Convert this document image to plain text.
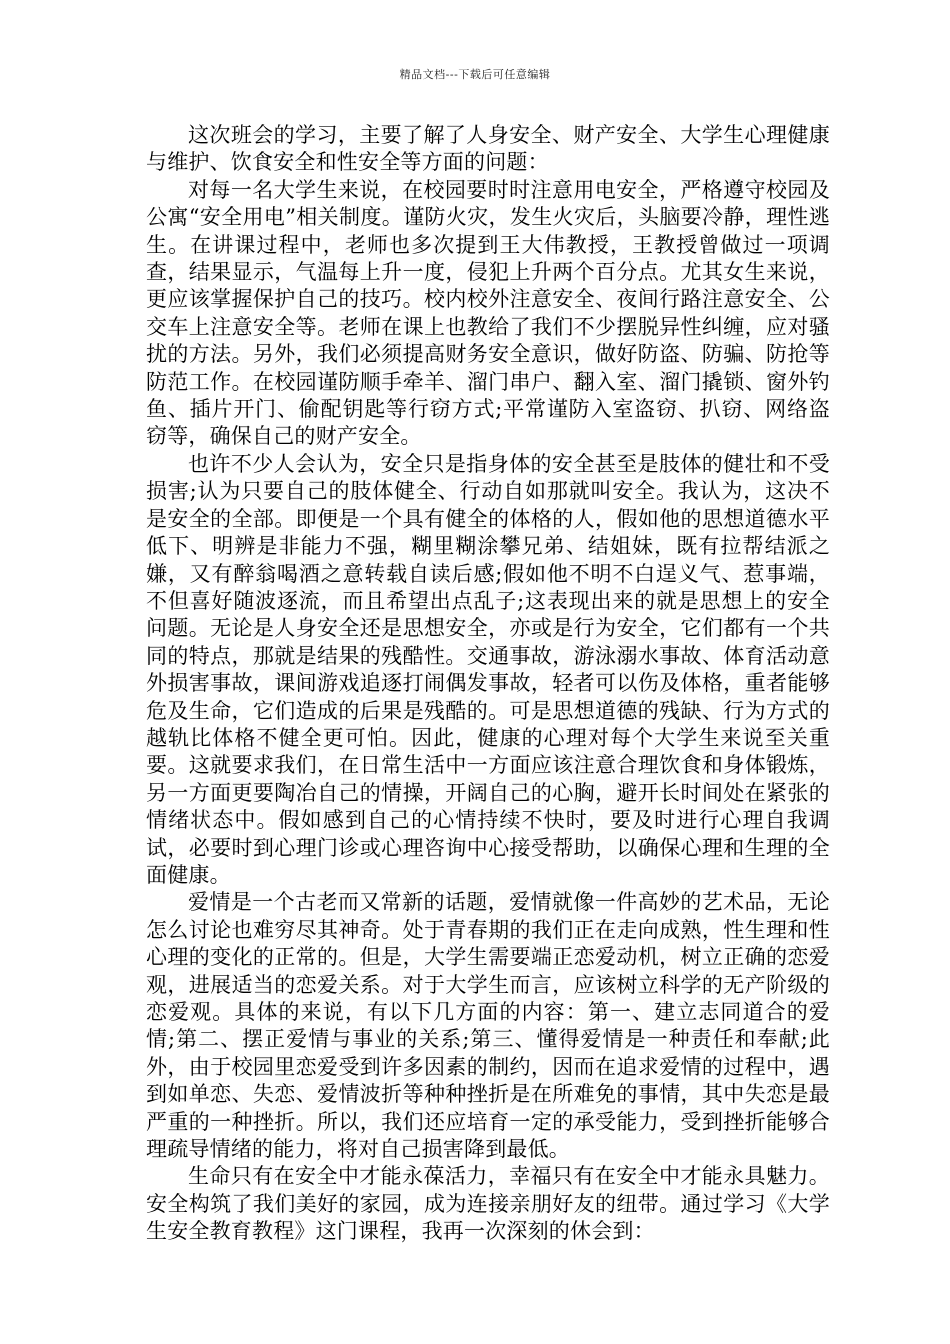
精品文档---下载后可任意编辑

这次班会的学习，主要了解了人身安全、财产安全、大学生心理健康与维护、饮食安全和性安全等方面的问题：

对每一名大学生来说，在校园要时时注意用电安全，严格遵守校园及公寓“安全用电”相关制度。谨防火灾，发生火灾后，头脑要冷静，理性逃生。在讲课过程中，老师也多次提到王大伟教授，王教授曾做过一项调查，结果显示，气温每上升一度，侵犯上升两个百分点。尤其女生来说，更应该掌握保护自己的技巧。校内校外注意安全、夜间行路注意安全、公交车上注意安全等。老师在课上也教给了我们不少摆脱异性纠缠，应对骚扰的方法。另外，我们必须提高财务安全意识，做好防盗、防骗、防抢等防范工作。在校园谨防顺手牵羊、溜门串户、翻入室、溜门撬锁、窗外钓鱼、插片开门、偷配钥匙等行窃方式;平常谨防入室盗窃、扒窃、网络盗窃等，确保自己的财产安全。

也许不少人会认为，安全只是指身体的安全甚至是肢体的健壮和不受损害;认为只要自己的肢体健全、行动自如那就叫安全。我认为，这决不是安全的全部。即便是一个具有健全的体格的人，假如他的思想道德水平低下、明辨是非能力不强，糊里糊涂攀兄弟、结姐妹，既有拉帮结派之嫌，又有醉翁喝酒之意转载自读后感;假如他不明不白逞义气、惹事端，不但喜好随波逐流，而且希望出点乱子;这表现出来的就是思想上的安全问题。无论是人身安全还是思想安全，亦或是行为安全，它们都有一个共同的特点，那就是结果的残酷性。交通事故，游泳溺水事故、体育活动意外损害事故，课间游戏追逐打闹偶发事故，轻者可以伤及体格，重者能够危及生命，它们造成的后果是残酷的。可是思想道德的残缺、行为方式的越轨比体格不健全更可怕。因此，健康的心理对每个大学生来说至关重要。这就要求我们，在日常生活中一方面应该注意合理饮食和身体锻炼，另一方面更要陶冶自己的情操，开阔自己的心胸，避开长时间处在紧张的情绪状态中。假如感到自己的心情持续不快时，要及时进行心理自我调试，必要时到心理门诊或心理咨询中心接受帮助，以确保心理和生理的全面健康。

爱情是一个古老而又常新的话题，爱情就像一件高妙的艺术品，无论怎么讨论也难穷尽其神奇。处于青春期的我们正在走向成熟，性生理和性心理的变化的正常的。但是，大学生需要端正恋爱动机，树立正确的恋爱观，进展适当的恋爱关系。对于大学生而言，应该树立科学的无产阶级的恋爱观。具体的来说，有以下几方面的内容：第一、建立志同道合的爱情;第二、摆正爱情与事业的关系;第三、懂得爱情是一种责任和奉献;此外，由于校园里恋爱受到许多因素的制约，因而在追求爱情的过程中，遇到如单恋、失恋、爱情波折等种种挫折是在所难免的事情，其中失恋是最严重的一种挫折。所以，我们还应培育一定的承受能力，受到挫折能够合理疏导情绪的能力，将对自己损害降到最低。

生命只有在安全中才能永葆活力，幸福只有在安全中才能永具魅力。安全构筑了我们美好的家园，成为连接亲朋好友的纽带。通过学习《大学生安全教育教程》这门课程，我再一次深刻的休会到：
